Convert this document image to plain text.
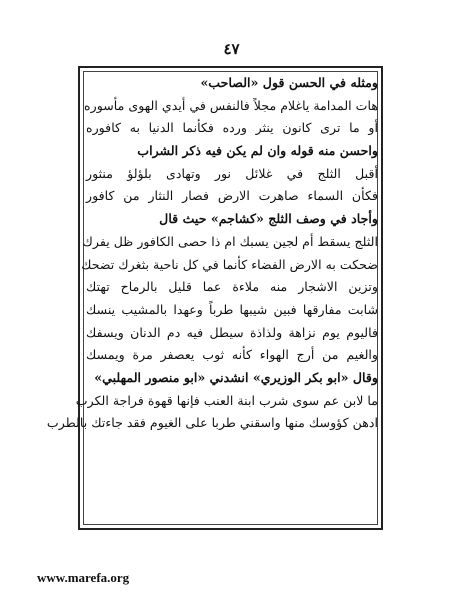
٤٧
ومثله في الحسن قول «الصاحب»
هات المدامة ياغلام مجلاً فالنفس في أيدي الهوى مأسوره
أو ما ترى كانون ينثر ورده فكأنما الدنيا به كافوره
واحسن منه قوله وان لم يكن فيه ذكر الشراب
أقبل الثلج في غلائل نور وتهادى بلؤلؤ منثور
فكأن السماء صاهرت الارض فصار النثار من كافور
وأجاد في وصف الثلج «كشاجم» حيث قال
الثلج يسقط أم لجين يسبك ام ذا حصى الكافور ظل يفرك
ضحكت به الارض الفضاء كأنما في كل ناحية بثغرك تضحك
وتزين الاشجار منه ملاءة عما قليل بالرماح تهتك
شابت مفارقها فبين شيبها طرباً وعهدا بالمشيب ينسك
فاليوم يوم نزاهة ولذاذة سيطل فيه دم الدنان ويسفك
والغيم من أرج الهواء كأنه ثوب يعصفر مرة ويمسك
وقال «ابو بكر الوزيري» انشدني «ابو منصور المهلبي»
ما لابن عم سوى شرب ابنة العنب فإنها قهوة فراجة الكرب
ادهن كؤوسك منها واسقني طربا على الغيوم فقد جاءتك بالطرب
www.marefa.org
